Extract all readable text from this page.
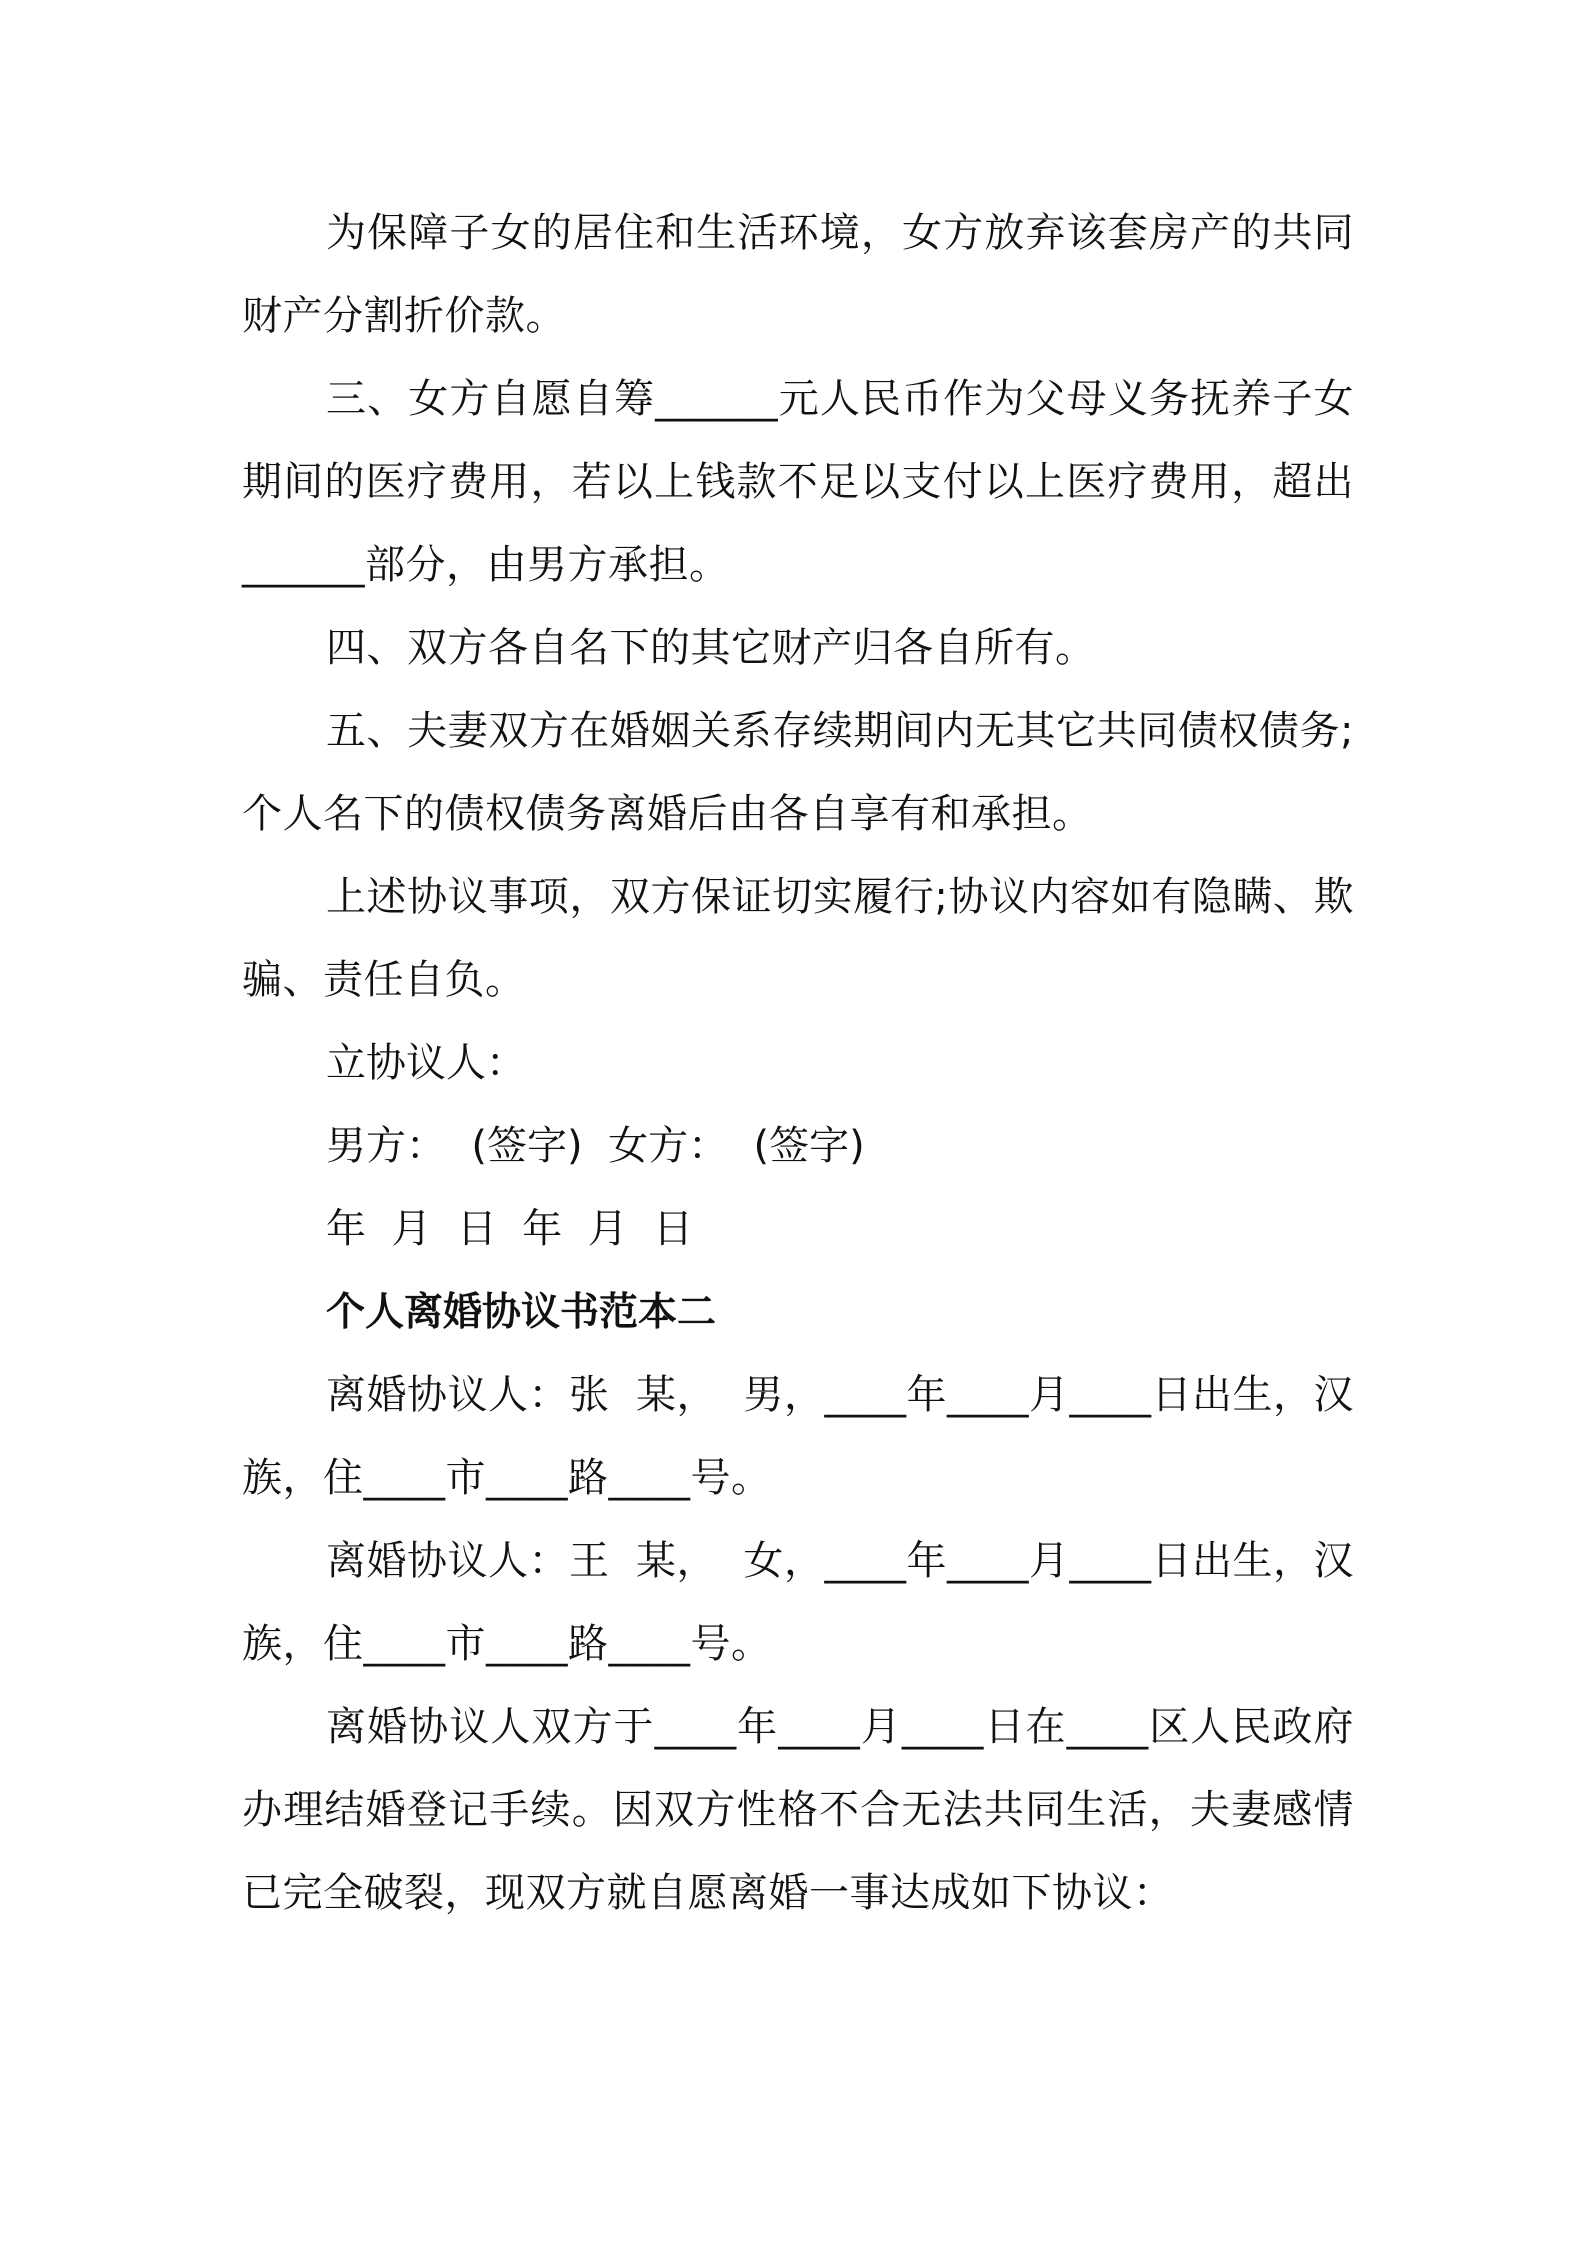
为保障子女的居住和生活环境，女方放弃该套房产的共同财产分割折价款。

三、女方自愿自筹______元人民币作为父母义务抚养子女期间的医疗费用，若以上钱款不足以支付以上医疗费用，超出______部分，由男方承担。

四、双方各自名下的其它财产归各自所有。

五、夫妻双方在婚姻关系存续期间内无其它共同债权债务;个人名下的债权债务离婚后由各自享有和承担。

上述协议事项，双方保证切实履行;协议内容如有隐瞒、欺骗、责任自负。

立协议人：

男方：  (签字)  女方：  (签字)

年  月  日  年  月  日

个人离婚协议书范本二

离婚协议人：张  某，  男，____年____月____日出生，汉族，住____市____路____号。

离婚协议人：王  某，  女，____年____月____日出生，汉族，住____市____路____号。

离婚协议人双方于____年____月____日在____区人民政府办理结婚登记手续。因双方性格不合无法共同生活，夫妻感情已完全破裂，现双方就自愿离婚一事达成如下协议：
